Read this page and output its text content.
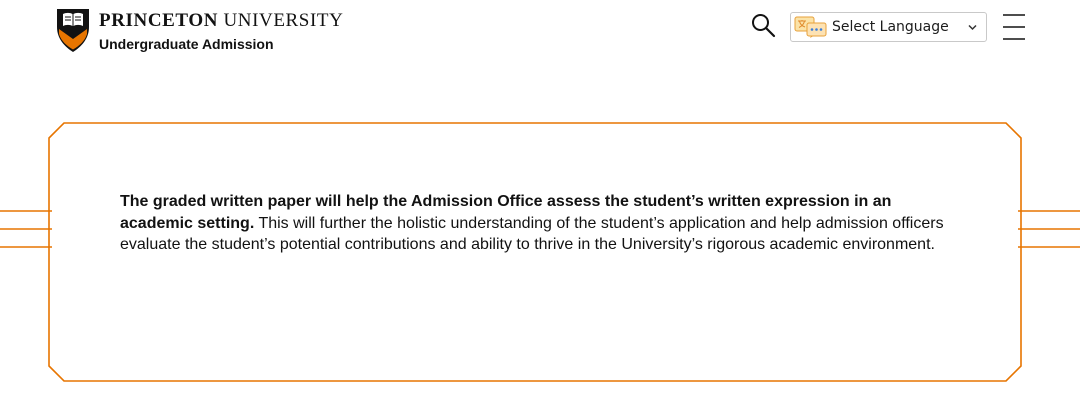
PRINCETON UNIVERSITY
Undergraduate Admission
Select Language

The graded written paper will help the Admission Office assess the student’s written expression in an academic setting. This will further the holistic understanding of the student’s application and help admission officers evaluate the student’s potential contributions and ability to thrive in the University’s rigorous academic environment.
